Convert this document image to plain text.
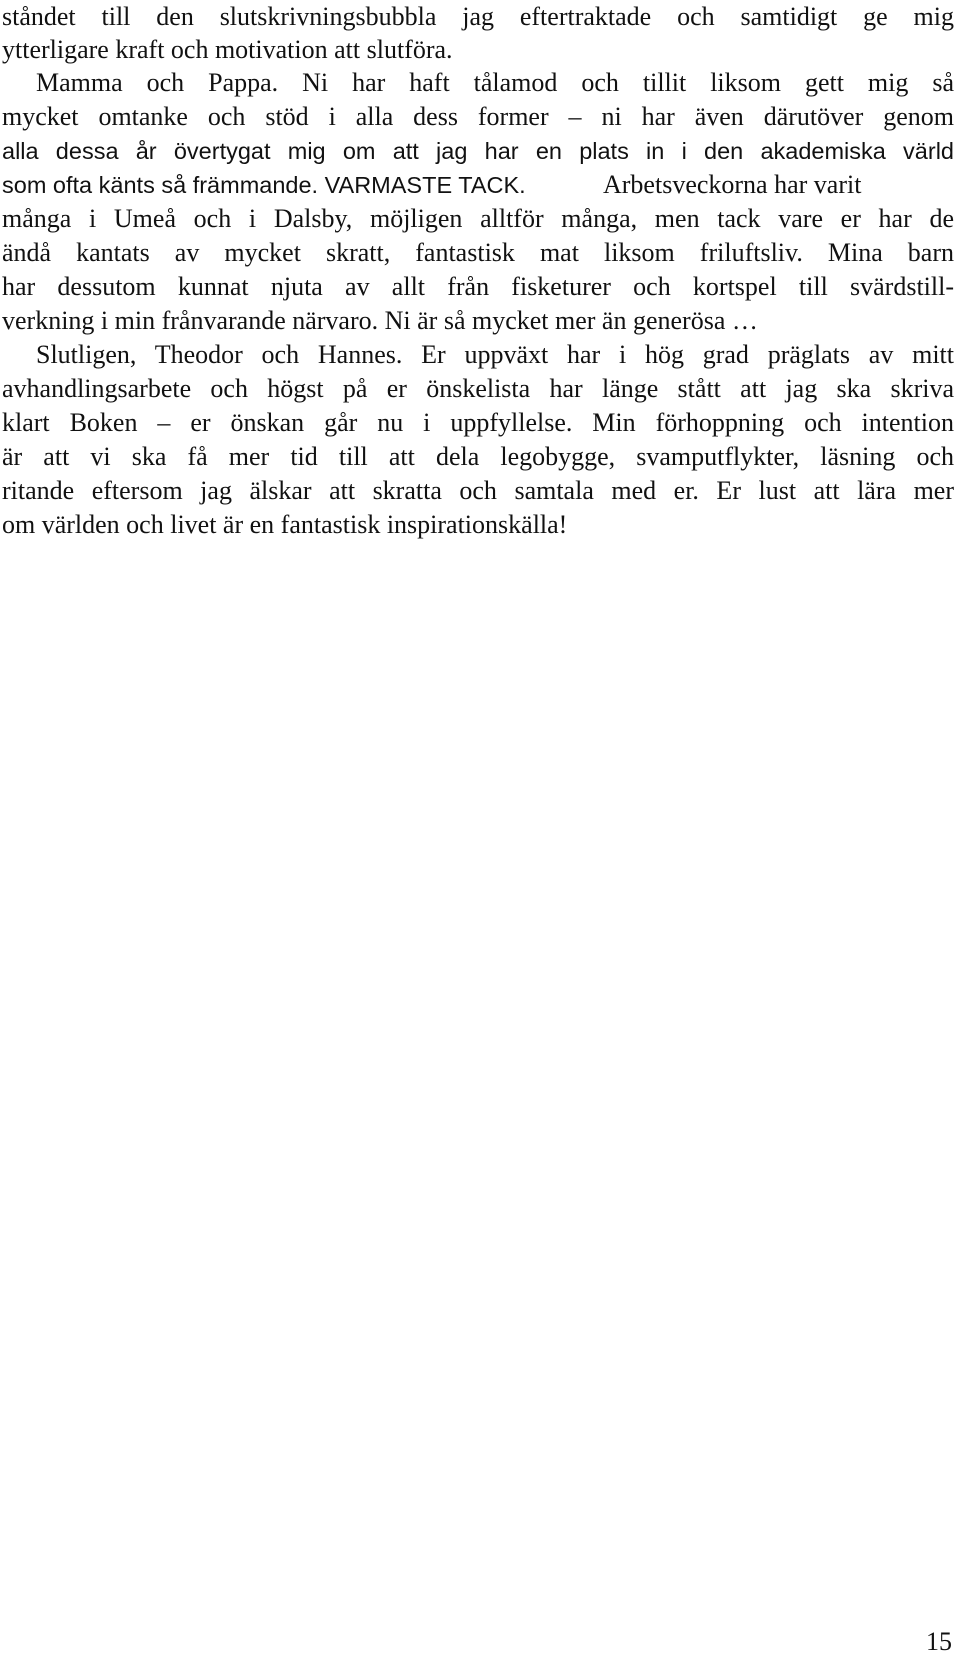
ståndet till den slutskrivningsbubbla jag eftertraktade och samtidigt ge mig
ytterligare kraft och motivation att slutföra.
Mamma och Pappa. Ni har haft tålamod och tillit liksom gett mig så
mycket omtanke och stöd i alla dess former – ni har även därutöver genom
alla dessa år övertygat mig om att jag har en plats in i den akademiska värld
som ofta känts så främmande. VARMASTE TACK.	Arbetsveckorna har varit
många i Umeå och i Dalsby, möjligen alltför många, men tack vare er har de
ändå kantats av mycket skratt, fantastisk mat liksom friluftsliv. Mina barn
har dessutom kunnat njuta av allt från fisketurer och kortspel till svärdstill-
verkning i min frånvarande närvaro. Ni är så mycket mer än generösa …
Slutligen, Theodor och Hannes. Er uppväxt har i hög grad präglats av mitt
avhandlingsarbete och högst på er önskelista har länge stått att jag ska skriva
klart Boken – er önskan går nu i uppfyllelse. Min förhoppning och intention
är att vi ska få mer tid till att dela legobygge, svamputflykter, läsning och
ritande eftersom jag älskar att skratta och samtala med er. Er lust att lära mer
om världen och livet är en fantastisk inspirationskälla!
15
